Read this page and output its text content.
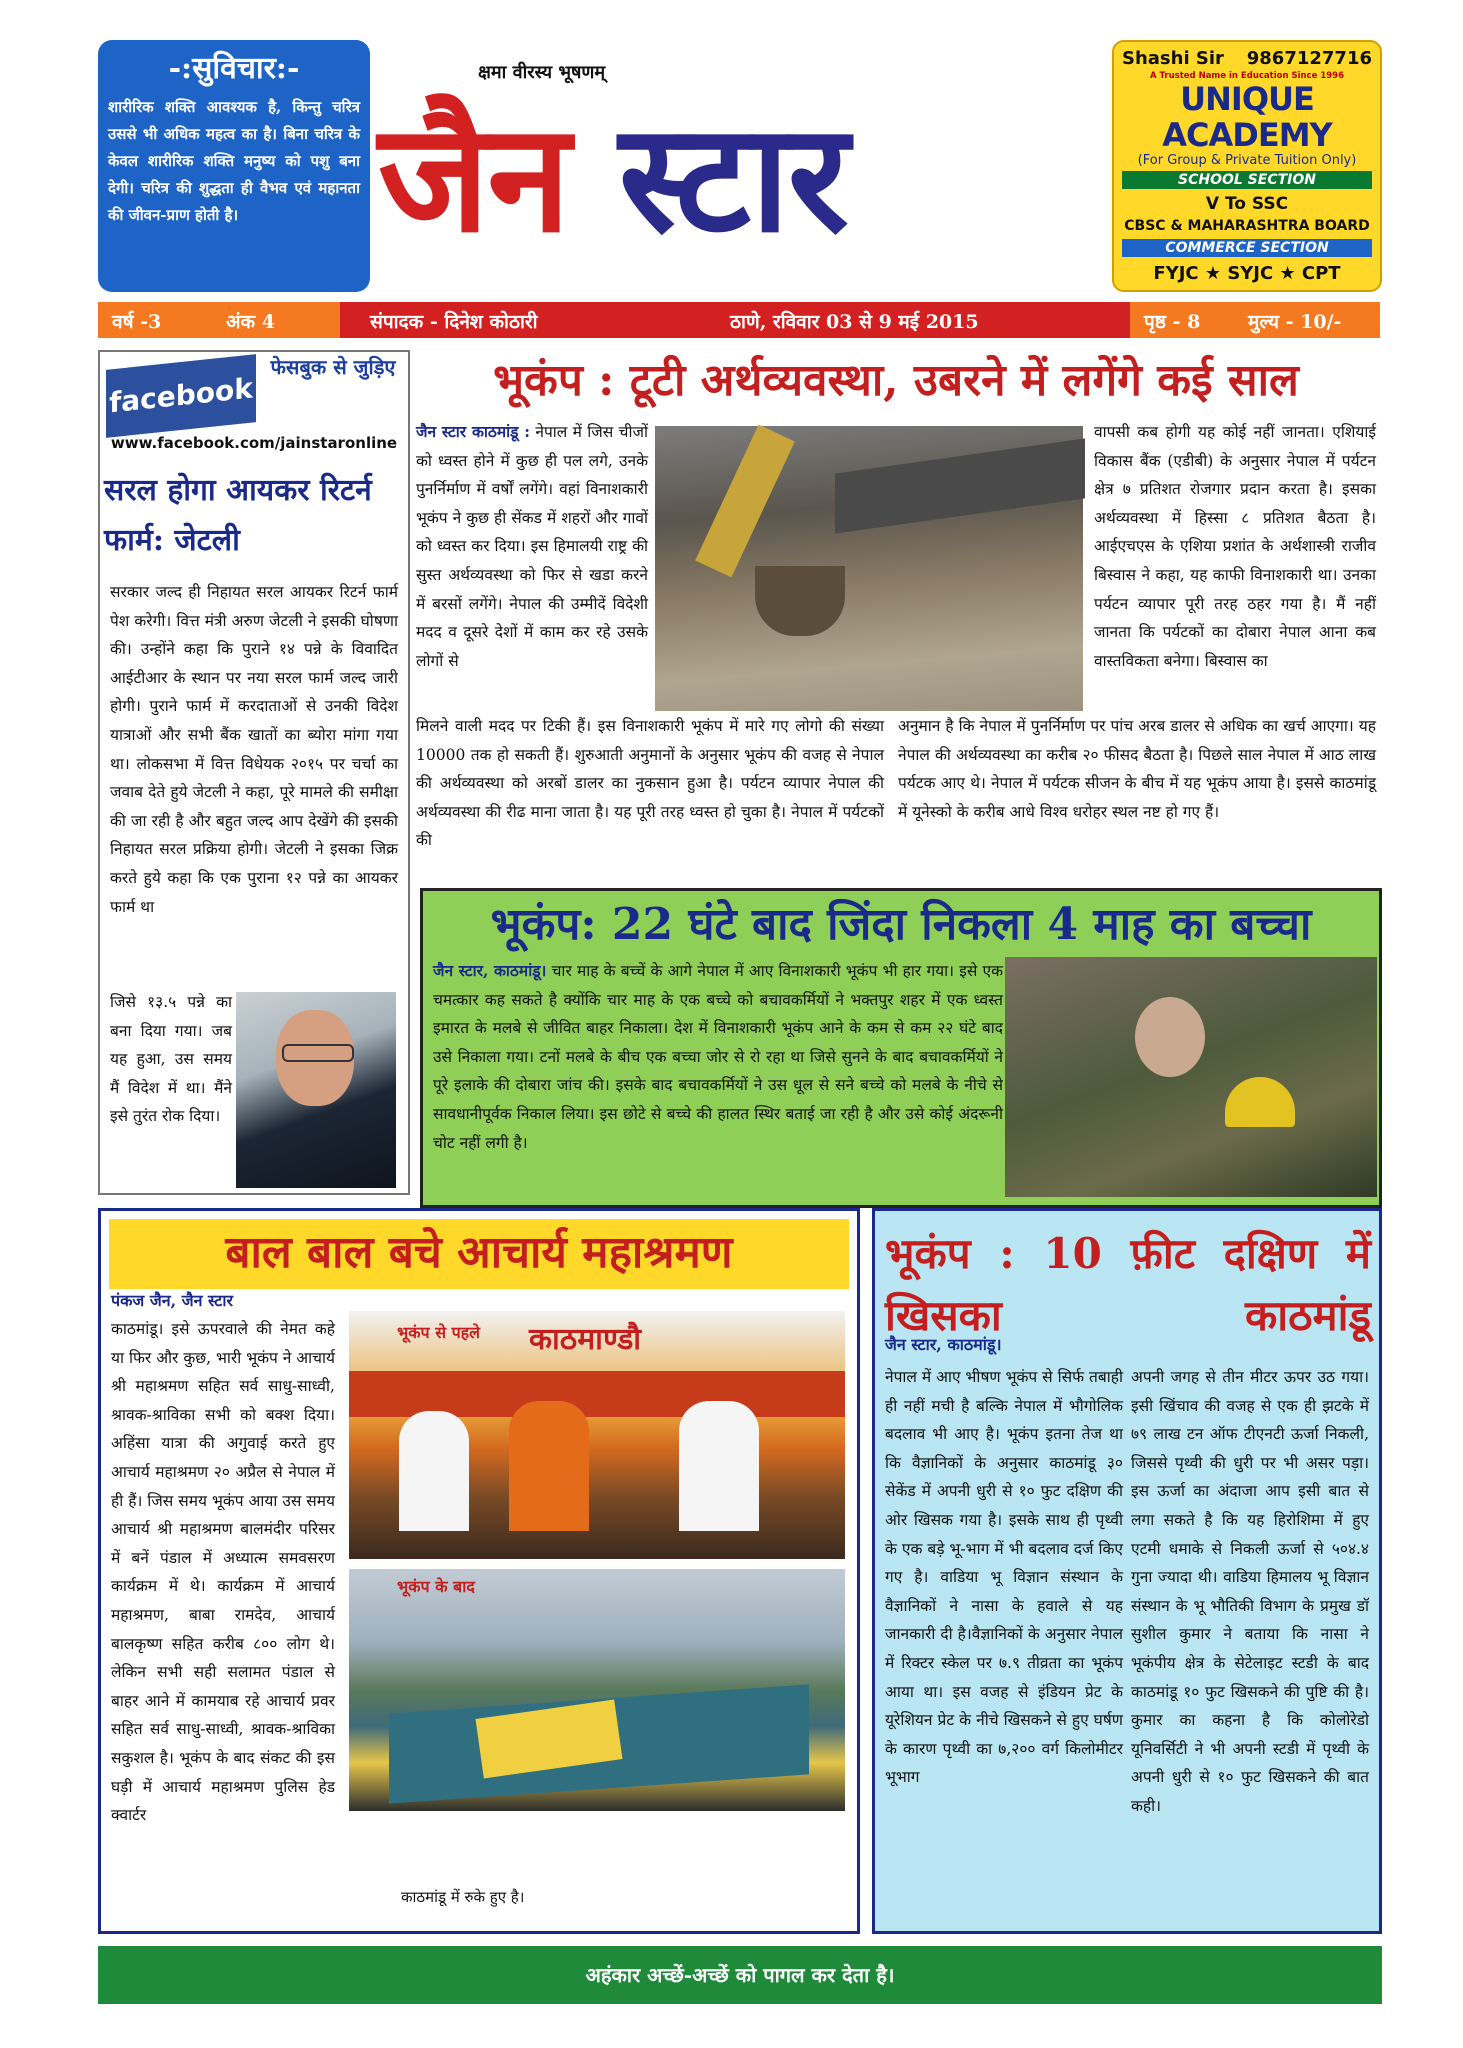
-:सुविचार:-
शारीरिक शक्ति आवश्यक है, किन्तु चरित्र उससे भी अधिक महत्व का है। बिना चरित्र के केवल शारीरिक शक्ति मनुष्य को पशु बना देगी। चरित्र की शुद्धता ही वैभव एवं महानता की जीवन-प्राण होती है।
क्षमा वीरस्य भूषणम्
जैन स्टार
Shashi Sir 9867127716
A Trusted Name in Education Since 1996
UNIQUE ACADEMY
(For Group & Private Tuition Only)
SCHOOL SECTION
V To SSC
CBSC & MAHARASHTRA BOARD
COMMERCE SECTION
FYJC ★ SYJC ★ CPT
वर्ष -3	अंक 4	संपादक - दिनेश कोठारी	ठाणे, रविवार 03 से 9 मई 2015	पृष्ठ - 8	मुल्य - 10/-
facebook
फेसबुक से जुड़िए
www.facebook.com/jainstaronline
सरल होगा आयकर रिटर्न फार्म: जेटली

सरकार जल्द ही निहायत सरल आयकर रिटर्न फार्म पेश करेगी। वित्त मंत्री अरुण जेटली ने इसकी घोषणा की। उन्होंने कहा कि पुराने १४ पन्ने के विवादित आईटीआर के स्थान पर नया सरल फार्म जल्द जारी होगी। पुराने फार्म में करदाताओं से उनकी विदेश यात्राओं और सभी बैंक खातों का ब्योरा मांगा गया था। लोकसभा में वित्त विधेयक २०१५ पर चर्चा का जवाब देते हुये जेटली ने कहा, पूरे मामले की समीक्षा की जा रही है और बहुत जल्द आप देखेंगे की इसकी निहायत सरल प्रक्रिया होगी। जेटली ने इसका जिक्र करते हुये कहा कि एक पुराना १२ पन्ने का आयकर फार्म था

जिसे १३.५ पन्ने का बना दिया गया। जब यह हुआ, उस समय मैं विदेश में था। मैंने इसे तुरंत रोक दिया।

भूकंप : टूटी अर्थव्यवस्था, उबरने में लगेंगे कई साल

जैन स्टार काठमांडू : नेपाल में जिस चीजों को ध्वस्त होने में कुछ ही पल लगे, उनके पुनर्निर्माण में वर्षों लगेंगे। वहां विनाशकारी भूकंप ने कुछ ही सेंकड में शहरों और गावों को ध्वस्त कर दिया। इस हिमालयी राष्ट्र की सुस्त अर्थव्यवस्था को फिर से खडा करने में बरसों लगेंगे। नेपाल की उम्मीदें विदेशी मदद व दूसरे देशों में काम कर रहे उसके लोगों से

वापसी कब होगी यह कोई नहीं जानता। एशियाई विकास बैंक (एडीबी) के अनुसार नेपाल में पर्यटन क्षेत्र ७ प्रतिशत रोजगार प्रदान करता है। इसका अर्थव्यवस्था में हिस्सा ८ प्रतिशत बैठता है। आईएचएस के एशिया प्रशांत के अर्थशास्त्री राजीव बिस्वास ने कहा, यह काफी विनाशकारी था। उनका पर्यटन व्यापार पूरी तरह ठहर गया है। मैं नहीं जानता कि पर्यटकों का दोबारा नेपाल आना कब वास्तविकता बनेगा। बिस्वास का

मिलने वाली मदद पर टिकी हैं। इस विनाशकारी भूकंप में मारे गए लोगो की संख्या 10000 तक हो सकती हैं। शुरुआती अनुमानों के अनुसार भूकंप की वजह से नेपाल की अर्थव्यवस्था को अरबों डालर का नुकसान हुआ है। पर्यटन व्यापार नेपाल की अर्थव्यवस्था की रीढ माना जाता है। यह पूरी तरह ध्वस्त हो चुका है। नेपाल में पर्यटकों की

अनुमान है कि नेपाल में पुनर्निर्माण पर पांच अरब डालर से अधिक का खर्च आएगा। यह नेपाल की अर्थव्यवस्था का करीब २० फीसद बैठता है। पिछले साल नेपाल में आठ लाख पर्यटक आए थे। नेपाल में पर्यटक सीजन के बीच में यह भूकंप आया है। इससे काठमांडू में यूनेस्को के करीब आधे विश्व धरोहर स्थल नष्ट हो गए हैं।

भूकंप: 22 घंटे बाद जिंदा निकला 4 माह का बच्चा

जैन स्टार, काठमांडू। चार माह के बच्चें के आगे नेपाल में आए विनाशकारी भूकंप भी हार गया। इसे एक चमत्कार कह सकते है क्योंकि चार माह के एक बच्चे को बचावकर्मियों ने भक्तपुर शहर में एक ध्वस्त इमारत के मलबे से जीवित बाहर निकाला। देश में विनाशकारी भूकंप आने के कम से कम २२ घंटे बाद उसे निकाला गया। टनों मलबे के बीच एक बच्चा जोर से रो रहा था जिसे सुनने के बाद बचावकर्मियों ने पूरे इलाके की दोबारा जांच की। इसके बाद बचावकर्मियों ने उस धूल से सने बच्चे को मलबे के नीचे से सावधानीपूर्वक निकाल लिया। इस छोटे से बच्चे की हालत स्थिर बताई जा रही है और उसे कोई अंदरूनी चोट नहीं लगी है।

बाल बाल बचे आचार्य महाश्रमण
पंकज जैन, जैन स्टार

काठमांडू। इसे ऊपरवाले की नेमत कहे या फिर और कुछ, भारी भूकंप ने आचार्य श्री महाश्रमण सहित सर्व साधु-साध्वी, श्रावक-श्राविका सभी को बक्श दिया। अहिंसा यात्रा की अगुवाई करते हुए आचार्य महाश्रमण २० अप्रैल से नेपाल में ही हैं। जिस समय भूकंप आया उस समय आचार्य श्री महाश्रमण बालमंदीर परिसर में बनें पंडाल में अध्यात्म समवसरण कार्यक्रम में थे। कार्यक्रम में आचार्य महाश्रमण, बाबा रामदेव, आचार्य बालकृष्ण सहित करीब ८०० लोग थे। लेकिन सभी सही सलामत पंडाल से बाहर आने में कामयाब रहे आचार्य प्रवर सहित सर्व साधु-साध्वी, श्रावक-श्राविका सकुशल है। भूकंप के बाद संकट की इस घड़ी में आचार्य महाश्रमण पुलिस हेड क्वार्टर

भूकंप से पहले काठमाण्डौ
भूकंप के बाद
काठमांडू में रुके हुए है।
भूकंप : 10 फ़ीट दक्षिण में खिसका काठमांडू
जैन स्टार, काठमांडू।

नेपाल में आए भीषण भूकंप से सिर्फ तबाही ही नहीं मची है बल्कि नेपाल में भौगोलिक बदलाव भी आए है। भूकंप इतना तेज था कि वैज्ञानिकों के अनुसार काठमांडू ३० सेकेंड में अपनी धुरी से १० फुट दक्षिण की ओर खिसक गया है। इसके साथ ही पृथ्वी के एक बड़े भू-भाग में भी बदलाव दर्ज किए गए है। वाडिया भू विज्ञान संस्थान के वैज्ञानिकों ने नासा के हवाले से यह जानकारी दी है।वैज्ञानिकों के अनुसार नेपाल में रिक्टर स्केल पर ७.९ तीव्रता का भूकंप आया था। इस वजह से इंडियन प्रेट के यूरेशियन प्रेट के नीचे खिसकने से हुए घर्षण के कारण पृथ्वी का ७,२०० वर्ग किलोमीटर भूभाग

अपनी जगह से तीन मीटर ऊपर उठ गया। इसी खिंचाव की वजह से एक ही झटके में ७९ लाख टन ऑफ टीएनटी ऊर्जा निकली, जिससे पृथ्वी की धुरी पर भी असर पड़ा। इस ऊर्जा का अंदाजा आप इसी बात से लगा सकते है कि यह हिरोशिमा में हुए एटमी धमाके से निकली ऊर्जा से ५०४.४ गुना ज्यादा थी। वाडिया हिमालय भू विज्ञान संस्थान के भू भौतिकी विभाग के प्रमुख डॉ सुशील कुमार ने बताया कि नासा ने भूकंपीय क्षेत्र के सेटेलाइट स्टडी के बाद काठमांडू १० फुट खिसकने की पुष्टि की है। कुमार का कहना है कि कोलोरेडो यूनिवर्सिटी ने भी अपनी स्टडी में पृथ्वी के अपनी धुरी से १० फुट खिसकने की बात कही।

अहंकार अच्छें-अच्छें को पागल कर देता है।
